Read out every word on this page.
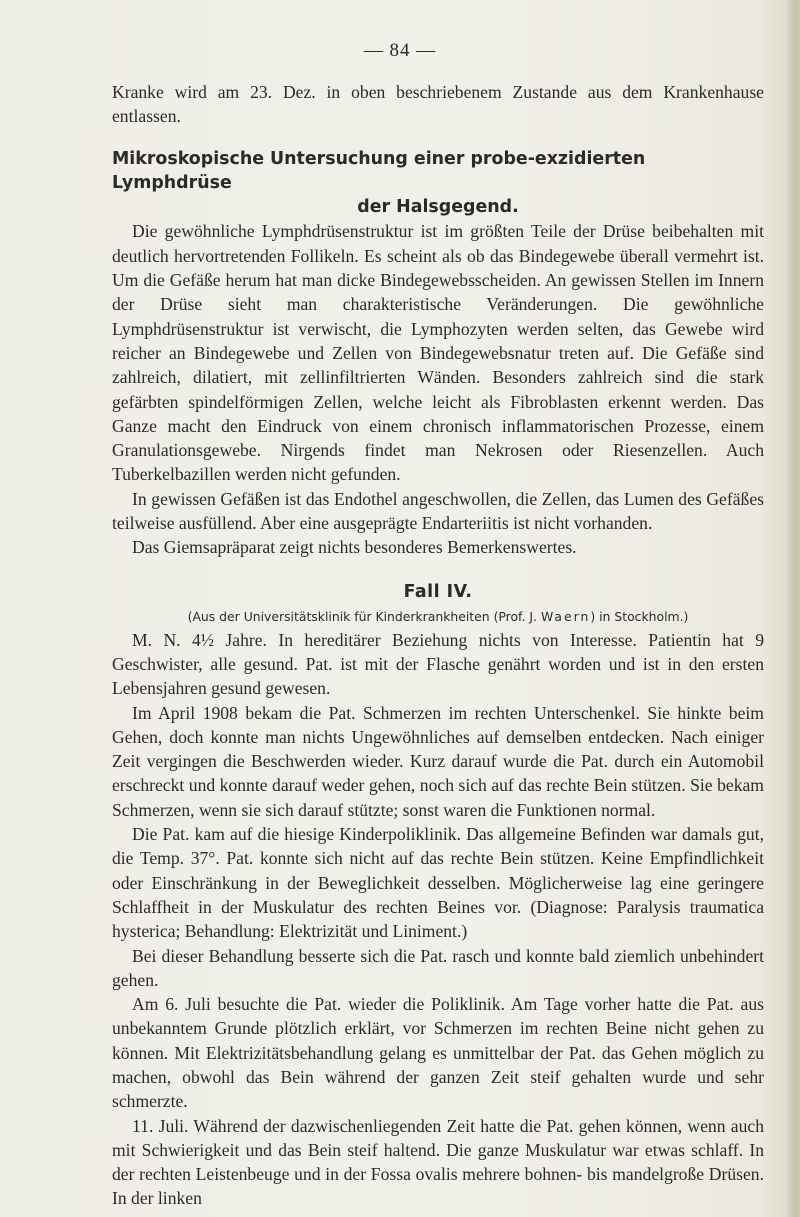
— 84 —

Kranke wird am 23. Dez. in oben beschriebenem Zustande aus dem Krankenhause entlassen.

Mikroskopische Untersuchung einer probe-exzidierten Lymphdrüse
der Halsgegend.

Die gewöhnliche Lymphdrüsenstruktur ist im größten Teile der Drüse beibehalten mit deutlich hervortretenden Follikeln. Es scheint als ob das Bindegewebe überall vermehrt ist. Um die Gefäße herum hat man dicke Bindegewebsscheiden. An gewissen Stellen im Innern der Drüse sieht man charakteristische Veränderungen. Die gewöhnliche Lymphdrüsenstruktur ist verwischt, die Lymphozyten werden selten, das Gewebe wird reicher an Bindegewebe und Zellen von Bindegewebsnatur treten auf. Die Gefäße sind zahlreich, dilatiert, mit zellinfiltrierten Wänden. Besonders zahlreich sind die stark gefärbten spindelförmigen Zellen, welche leicht als Fibroblasten erkennt werden. Das Ganze macht den Eindruck von einem chronisch inflammatorischen Prozesse, einem Granulationsgewebe. Nirgends findet man Nekrosen oder Riesenzellen. Auch Tuberkelbazillen werden nicht gefunden.

In gewissen Gefäßen ist das Endothel angeschwollen, die Zellen, das Lumen des Gefäßes teilweise ausfüllend. Aber eine ausgeprägte Endarteriitis ist nicht vorhanden.

Das Giemsapräparat zeigt nichts besonderes Bemerkenswertes.

Fall IV.
(Aus der Universitätsklinik für Kinderkrankheiten (Prof. J. Waern) in Stockholm.)

M. N. 4½ Jahre. In hereditärer Beziehung nichts von Interesse. Patientin hat 9 Geschwister, alle gesund. Pat. ist mit der Flasche genährt worden und ist in den ersten Lebensjahren gesund gewesen.

Im April 1908 bekam die Pat. Schmerzen im rechten Unterschenkel. Sie hinkte beim Gehen, doch konnte man nichts Ungewöhnliches auf demselben entdecken. Nach einiger Zeit vergingen die Beschwerden wieder. Kurz darauf wurde die Pat. durch ein Automobil erschreckt und konnte darauf weder gehen, noch sich auf das rechte Bein stützen. Sie bekam Schmerzen, wenn sie sich darauf stützte; sonst waren die Funktionen normal.

Die Pat. kam auf die hiesige Kinderpoliklinik. Das allgemeine Befinden war damals gut, die Temp. 37°. Pat. konnte sich nicht auf das rechte Bein stützen. Keine Empfindlichkeit oder Einschränkung in der Beweglichkeit desselben. Möglicherweise lag eine geringere Schlaffheit in der Muskulatur des rechten Beines vor. (Diagnose: Paralysis traumatica hysterica; Behandlung: Elektrizität und Liniment.)

Bei dieser Behandlung besserte sich die Pat. rasch und konnte bald ziemlich unbehindert gehen.

Am 6. Juli besuchte die Pat. wieder die Poliklinik. Am Tage vorher hatte die Pat. aus unbekanntem Grunde plötzlich erklärt, vor Schmerzen im rechten Beine nicht gehen zu können. Mit Elektrizitätsbehandlung gelang es unmittelbar der Pat. das Gehen möglich zu machen, obwohl das Bein während der ganzen Zeit steif gehalten wurde und sehr schmerzte.

11. Juli. Während der dazwischenliegenden Zeit hatte die Pat. gehen können, wenn auch mit Schwierigkeit und das Bein steif haltend. Die ganze Muskulatur war etwas schlaff. In der rechten Leistenbeuge und in der Fossa ovalis mehrere bohnen- bis mandelgroße Drüsen. In der linken
